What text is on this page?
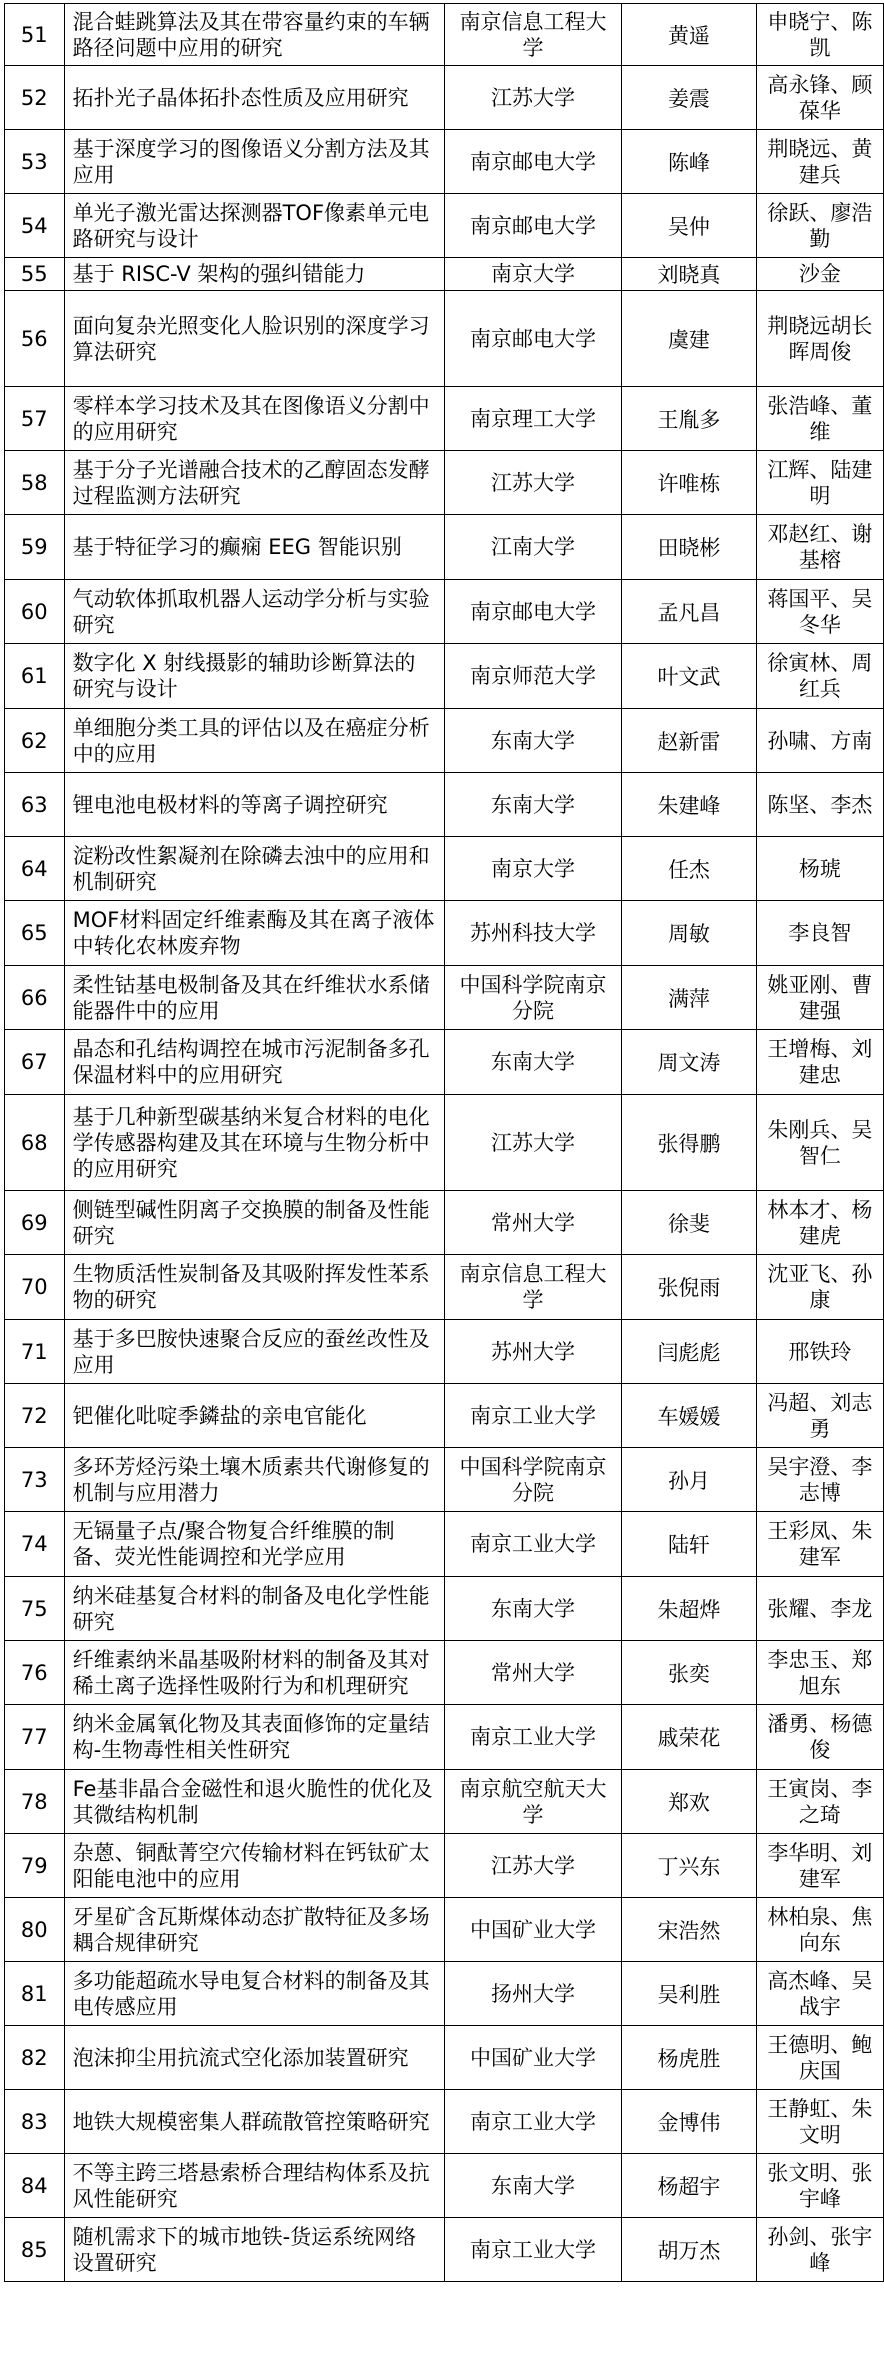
51	混合蛙跳算法及其在带容量约束的车辆路径问题中应用的研究	南京信息工程大学	黄遥	申晓宁、陈凯
52	拓扑光子晶体拓扑态性质及应用研究	江苏大学	姜震	高永锋、顾葆华
53	基于深度学习的图像语义分割方法及其应用	南京邮电大学	陈峰	荆晓远、黄建兵
54	单光子激光雷达探测器TOF像素单元电路研究与设计	南京邮电大学	吴仲	徐跃、廖浩勤
55	基于 RISC-V 架构的强纠错能力	南京大学	刘晓真	沙金
56	面向复杂光照变化人脸识别的深度学习算法研究	南京邮电大学	虞建	荆晓远胡长晖周俊
57	零样本学习技术及其在图像语义分割中的应用研究	南京理工大学	王胤多	张浩峰、董维
58	基于分子光谱融合技术的乙醇固态发酵过程监测方法研究	江苏大学	许唯栋	江辉、陆建明
59	基于特征学习的癫痫 EEG 智能识别	江南大学	田晓彬	邓赵红、谢基榕
60	气动软体抓取机器人运动学分析与实验研究	南京邮电大学	孟凡昌	蒋国平、吴冬华
61	数字化 X 射线摄影的辅助诊断算法的研究与设计	南京师范大学	叶文武	徐寅林、周红兵
62	单细胞分类工具的评估以及在癌症分析中的应用	东南大学	赵新雷	孙啸、方南
63	锂电池电极材料的等离子调控研究	东南大学	朱建峰	陈坚、李杰
64	淀粉改性絮凝剂在除磷去浊中的应用和机制研究	南京大学	任杰	杨琥
65	MOF材料固定纤维素酶及其在离子液体中转化农林废弃物	苏州科技大学	周敏	李良智
66	柔性钴基电极制备及其在纤维状水系储能器件中的应用	中国科学院南京分院	满萍	姚亚刚、曹建强
67	晶态和孔结构调控在城市污泥制备多孔保温材料中的应用研究	东南大学	周文涛	王增梅、刘建忠
68	基于几种新型碳基纳米复合材料的电化学传感器构建及其在环境与生物分析中的应用研究	江苏大学	张得鹏	朱刚兵、吴智仁
69	侧链型碱性阴离子交换膜的制备及性能研究	常州大学	徐斐	林本才、杨建虎
70	生物质活性炭制备及其吸附挥发性苯系物的研究	南京信息工程大学	张倪雨	沈亚飞、孙康
71	基于多巴胺快速聚合反应的蚕丝改性及应用	苏州大学	闫彪彪	邢铁玲
72	钯催化吡啶季鏻盐的亲电官能化	南京工业大学	车媛媛	冯超、刘志勇
73	多环芳烃污染土壤木质素共代谢修复的机制与应用潜力	中国科学院南京分院	孙月	吴宇澄、李志博
74	无镉量子点/聚合物复合纤维膜的制备、荧光性能调控和光学应用	南京工业大学	陆轩	王彩凤、朱建军
75	纳米硅基复合材料的制备及电化学性能研究	东南大学	朱超烨	张耀、李龙
76	纤维素纳米晶基吸附材料的制备及其对稀土离子选择性吸附行为和机理研究	常州大学	张奕	李忠玉、郑旭东
77	纳米金属氧化物及其表面修饰的定量结构-生物毒性相关性研究	南京工业大学	戚荣花	潘勇、杨德俊
78	Fe基非晶合金磁性和退火脆性的优化及其微结构机制	南京航空航天大学	郑欢	王寅岗、李之琦
79	杂蒽、铜酞菁空穴传输材料在钙钛矿太阳能电池中的应用	江苏大学	丁兴东	李华明、刘建军
80	牙星矿含瓦斯煤体动态扩散特征及多场耦合规律研究	中国矿业大学	宋浩然	林柏泉、焦向东
81	多功能超疏水导电复合材料的制备及其电传感应用	扬州大学	吴利胜	高杰峰、吴战宇
82	泡沫抑尘用抗流式空化添加装置研究	中国矿业大学	杨虎胜	王德明、鲍庆国
83	地铁大规模密集人群疏散管控策略研究	南京工业大学	金博伟	王静虹、朱文明
84	不等主跨三塔悬索桥合理结构体系及抗风性能研究	东南大学	杨超宇	张文明、张宇峰
85	随机需求下的城市地铁-货运系统网络设置研究	南京工业大学	胡万杰	孙剑、张宇峰
